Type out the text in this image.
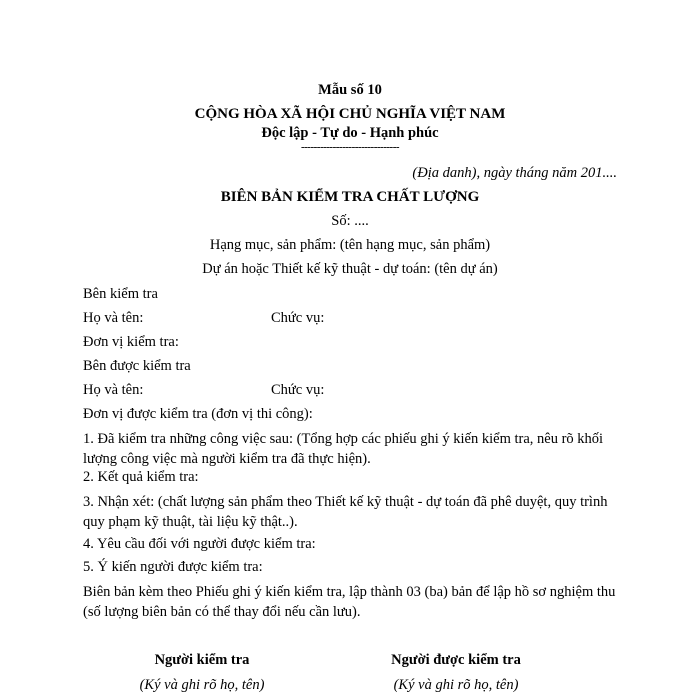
Mẫu số 10
CỘNG HÒA XÃ HỘI CHỦ NGHĨA VIỆT NAM
Độc lập - Tự do - Hạnh phúc
-------------------------------
(Địa danh), ngày tháng năm 201....
BIÊN BẢN KIỂM TRA CHẤT LƯỢNG
Số: ....
Hạng mục, sản phẩm: (tên hạng mục, sản phẩm)
Dự án hoặc Thiết kế kỹ thuật - dự toán: (tên dự án)
Bên kiểm tra
Họ và tên:	Chức vụ:
Đơn vị kiểm tra:
Bên được kiểm tra
Họ và tên:	Chức vụ:
Đơn vị được kiểm tra (đơn vị thi công):
1. Đã kiểm tra những công việc sau: (Tổng hợp các phiếu ghi ý kiến kiểm tra, nêu rõ khối lượng công việc mà người kiểm tra đã thực hiện).
2. Kết quả kiểm tra:
3. Nhận xét: (chất lượng sản phẩm theo Thiết kế kỹ thuật - dự toán đã phê duyệt, quy trình quy phạm kỹ thuật, tài liệu kỹ thật..).
4. Yêu cầu đối với người được kiểm tra:
5. Ý kiến người được kiểm tra:
Biên bản kèm theo Phiếu ghi ý kiến kiểm tra, lập thành 03 (ba) bản để lập hồ sơ nghiệm thu (số lượng biên bản có thể thay đổi nếu cần lưu).
Người kiểm tra
(Ký và ghi rõ họ, tên)
Người được kiểm tra
(Ký và ghi rõ họ, tên)
